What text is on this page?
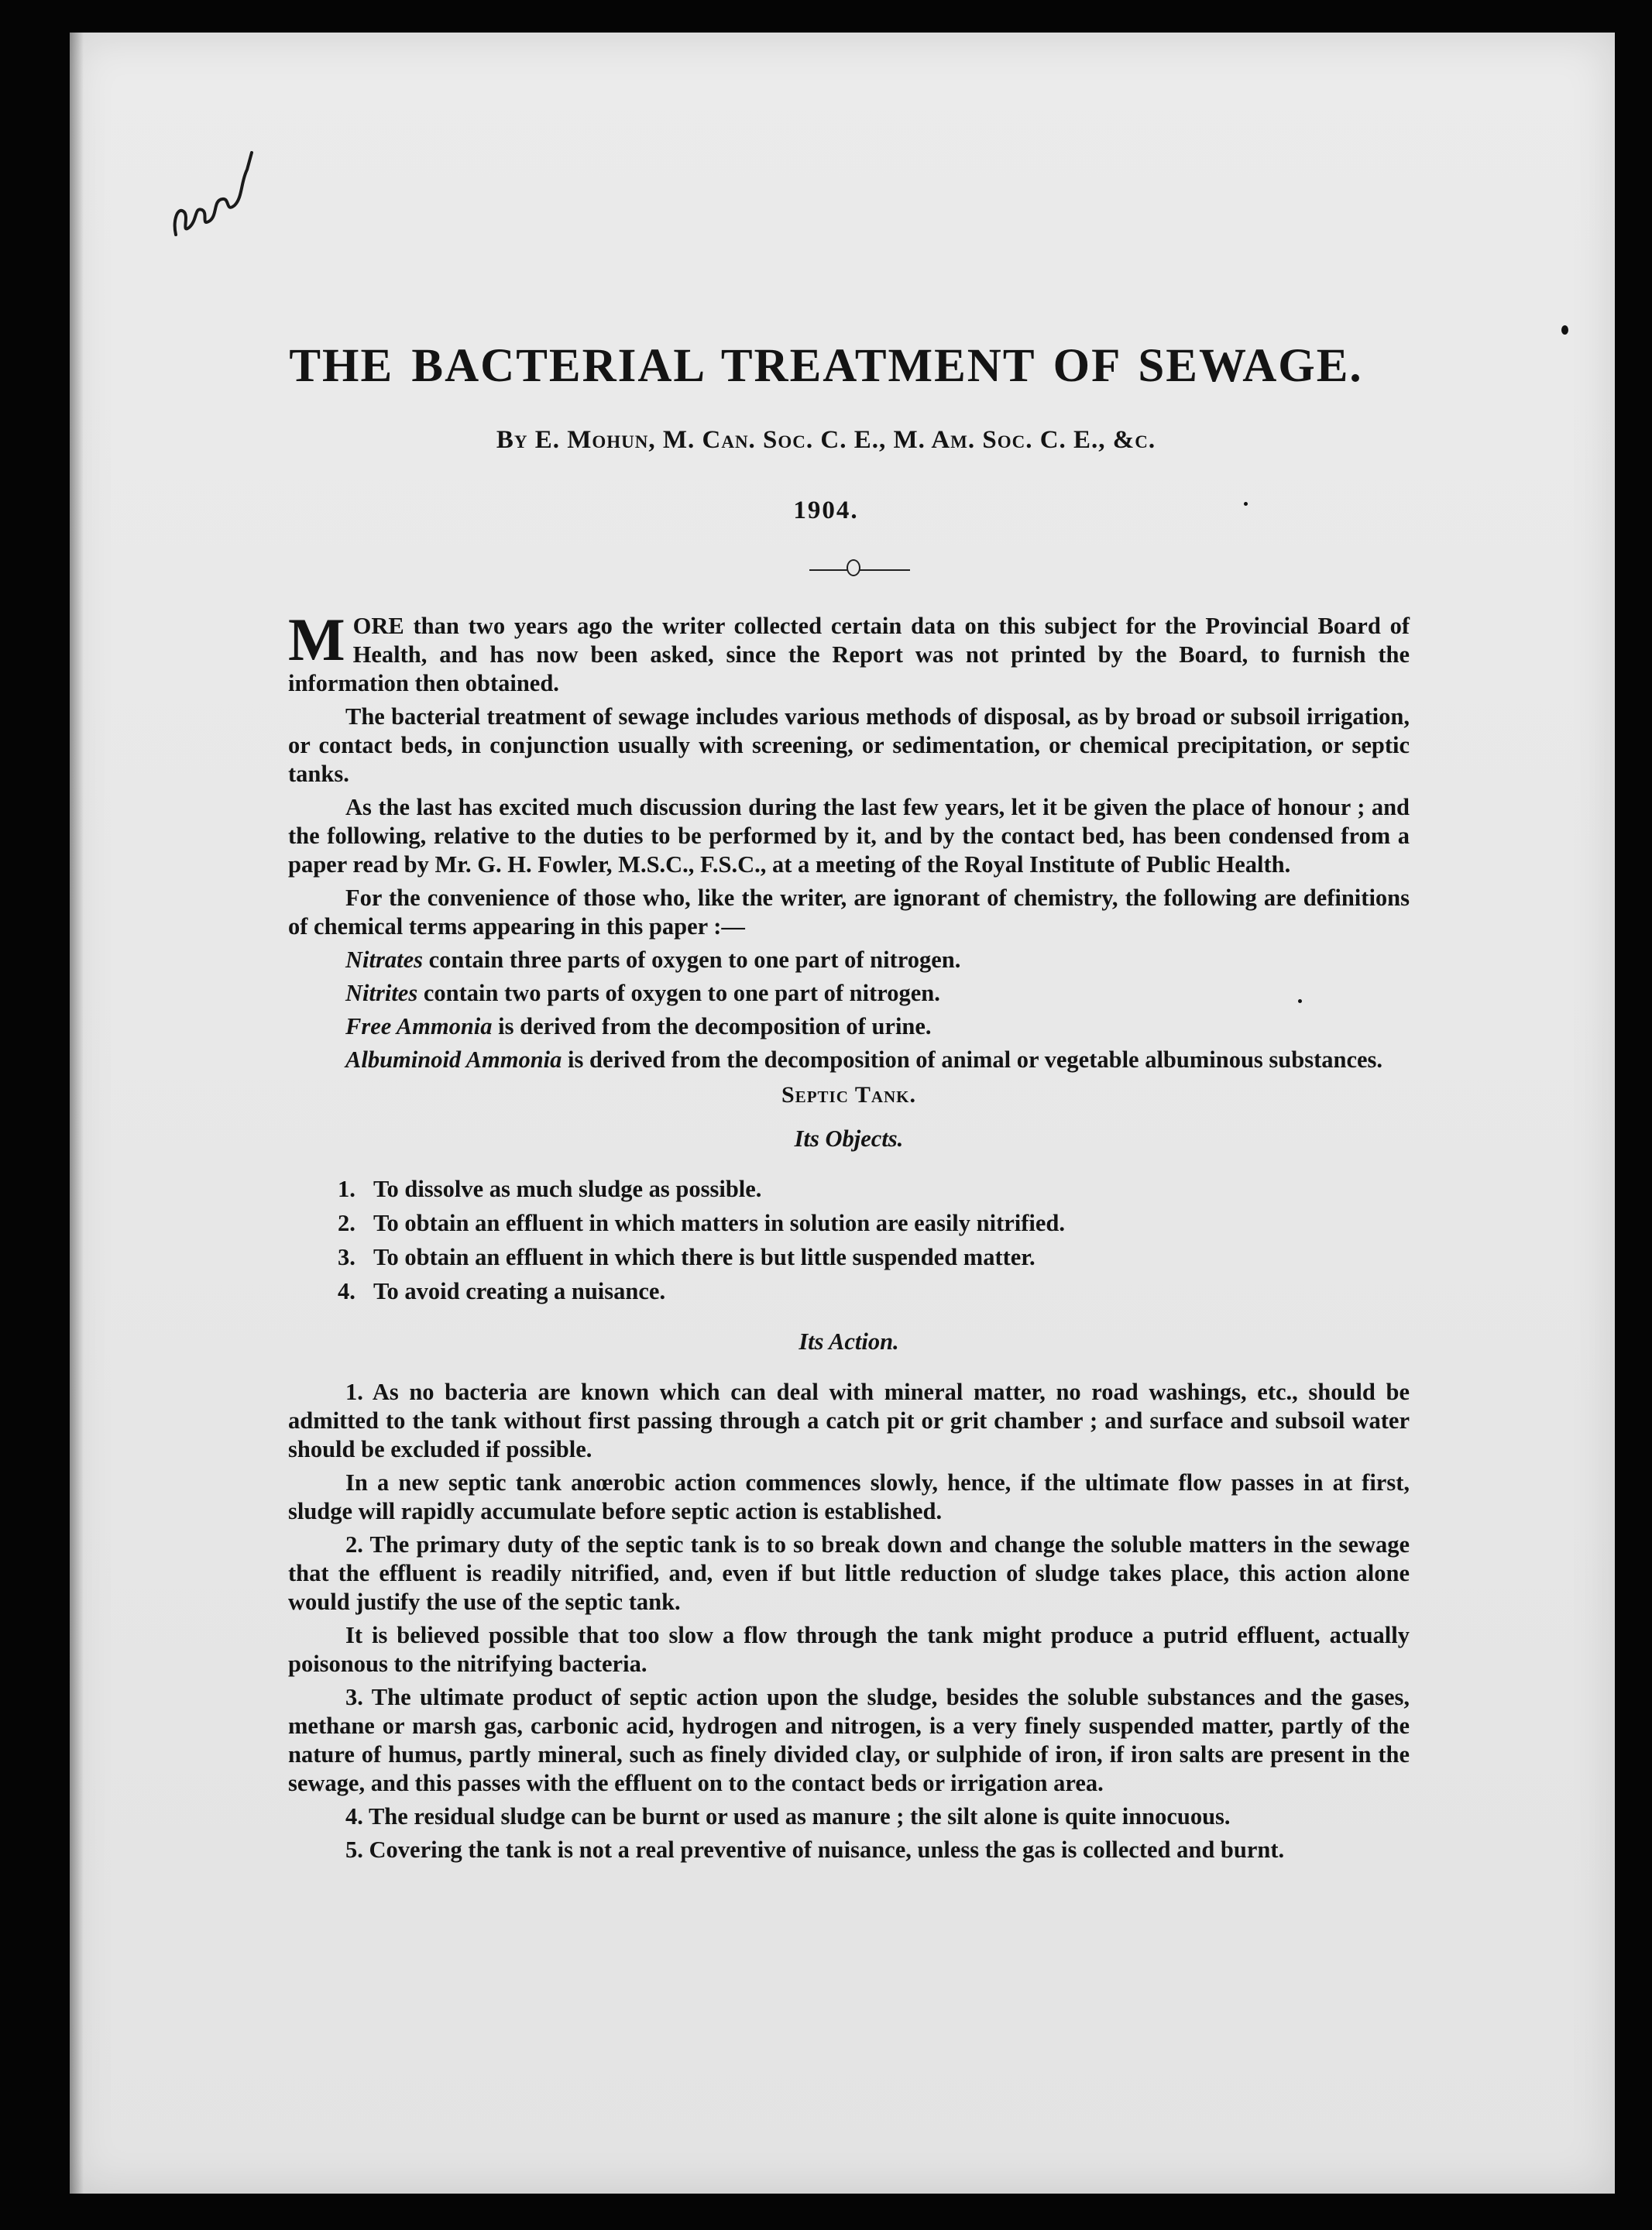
THE BACTERIAL TREATMENT OF SEWAGE.
By E. Mohun, M. Can. Soc. C. E., M. Am. Soc. C. E., &c.
1904.

MORE than two years ago the writer collected certain data on this subject for the Provincial Board of Health, and has now been asked, since the Report was not printed by the Board, to furnish the information then obtained.

The bacterial treatment of sewage includes various methods of disposal, as by broad or subsoil irrigation, or contact beds, in conjunction usually with screening, or sedimentation, or chemical precipitation, or septic tanks.

As the last has excited much discussion during the last few years, let it be given the place of honour ; and the following, relative to the duties to be performed by it, and by the contact bed, has been condensed from a paper read by Mr. G. H. Fowler, M.S.C., F.S.C., at a meeting of the Royal Institute of Public Health.

For the convenience of those who, like the writer, are ignorant of chemistry, the following are definitions of chemical terms appearing in this paper :—

Nitrates contain three parts of oxygen to one part of nitrogen.
Nitrites contain two parts of oxygen to one part of nitrogen.
Free Ammonia is derived from the decomposition of urine.
Albuminoid Ammonia is derived from the decomposition of animal or vegetable albuminous substances.
Septic Tank.
Its Objects.
1. To dissolve as much sludge as possible.
2. To obtain an effluent in which matters in solution are easily nitrified.
3. To obtain an effluent in which there is but little suspended matter.
4. To avoid creating a nuisance.
Its Action.

1. As no bacteria are known which can deal with mineral matter, no road washings, etc., should be admitted to the tank without first passing through a catch pit or grit chamber ; and surface and subsoil water should be excluded if possible.

In a new septic tank anœrobic action commences slowly, hence, if the ultimate flow passes in at first, sludge will rapidly accumulate before septic action is established.

2. The primary duty of the septic tank is to so break down and change the soluble matters in the sewage that the effluent is readily nitrified, and, even if but little reduction of sludge takes place, this action alone would justify the use of the septic tank.

It is believed possible that too slow a flow through the tank might produce a putrid effluent, actually poisonous to the nitrifying bacteria.

3. The ultimate product of septic action upon the sludge, besides the soluble substances and the gases, methane or marsh gas, carbonic acid, hydrogen and nitrogen, is a very finely suspended matter, partly of the nature of humus, partly mineral, such as finely divided clay, or sulphide of iron, if iron salts are present in the sewage, and this passes with the effluent on to the contact beds or irrigation area.

4. The residual sludge can be burnt or used as manure ; the silt alone is quite innocuous.

5. Covering the tank is not a real preventive of nuisance, unless the gas is collected and burnt.
